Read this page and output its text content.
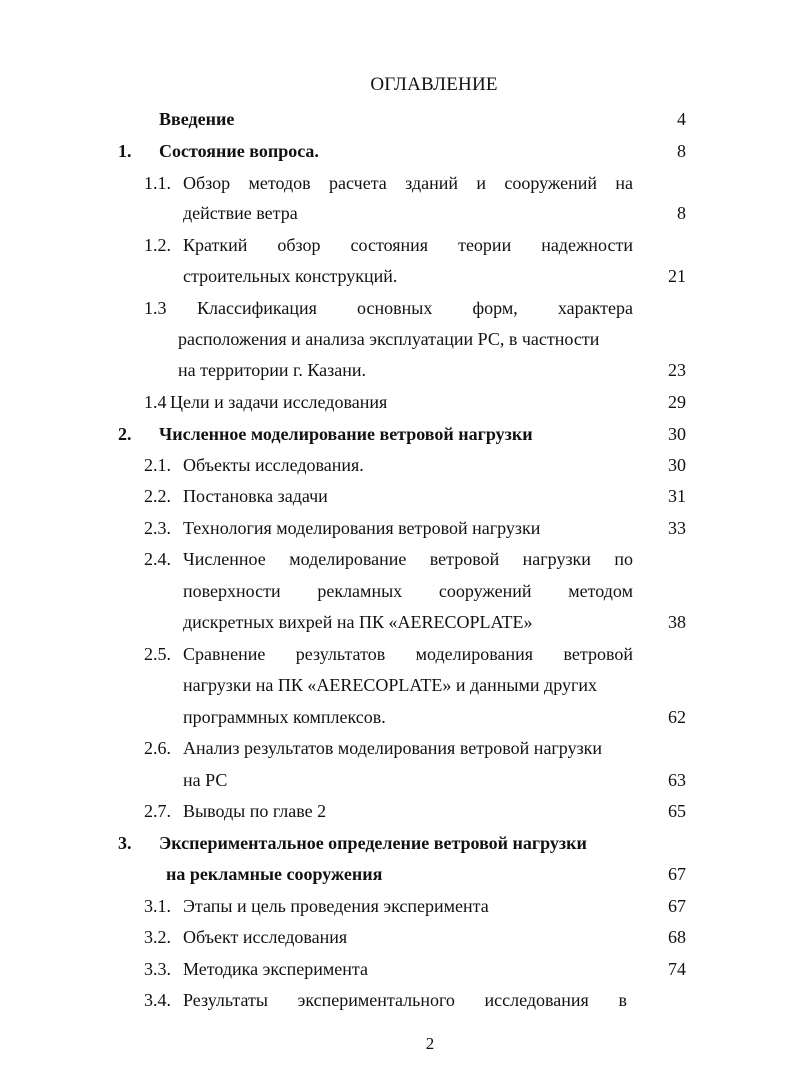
ОГЛАВЛЕНИЕ
Введение	4
1. Состояние вопроса.	8
1.1. Обзор методов расчета зданий и сооружений на
действие ветра	8
1.2. Краткий обзор состояния теории надежности
строительных конструкций.	21
1.3 Классификация основных форм, характера
расположения и анализа эксплуатации РС, в частности
на территории г. Казани.	23
1.4 Цели и задачи исследования	29
2. Численное моделирование ветровой нагрузки	30
2.1. Объекты исследования.	30
2.2. Постановка задачи	31
2.3. Технология моделирования ветровой нагрузки	33
2.4. Численное моделирование ветровой нагрузки по
поверхности рекламных сооружений методом
дискретных вихрей на ПК «AERECOPLATE»	38
2.5. Сравнение результатов моделирования ветровой
нагрузки на ПК «AERECOPLATE» и данными других
программных комплексов.	62
2.6. Анализ результатов моделирования ветровой нагрузки
на РС	63
2.7. Выводы по главе 2	65
3. Экспериментальное определение ветровой нагрузки
на рекламные сооружения	67
3.1. Этапы и цель проведения эксперимента	67
3.2. Объект исследования	68
3.3. Методика эксперимента	74
3.4. Результаты экспериментального исследования в
2
